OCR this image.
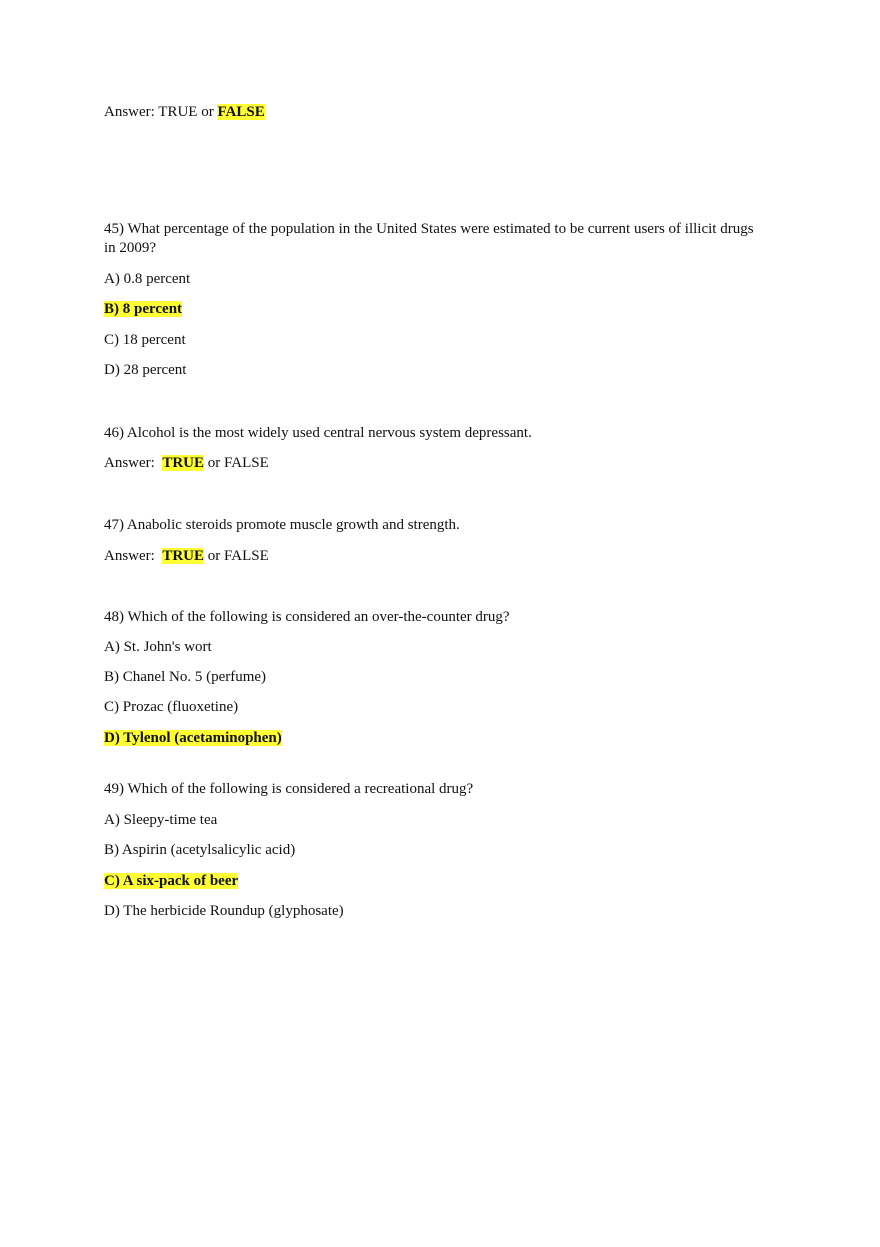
Answer: TRUE or FALSE

45) What percentage of the population in the United States were estimated to be current users of illicit drugs in 2009?

A) 0.8 percent

B) 8 percent

C) 18 percent

D) 28 percent

46) Alcohol is the most widely used central nervous system depressant.

Answer: TRUE or FALSE

47) Anabolic steroids promote muscle growth and strength.

Answer: TRUE or FALSE

48) Which of the following is considered an over-the-counter drug?

A) St. John's wort

B) Chanel No. 5 (perfume)

C) Prozac (fluoxetine)

D) Tylenol (acetaminophen)

49) Which of the following is considered a recreational drug?

A) Sleepy-time tea

B) Aspirin (acetylsalicylic acid)

C) A six-pack of beer

D) The herbicide Roundup (glyphosate)
